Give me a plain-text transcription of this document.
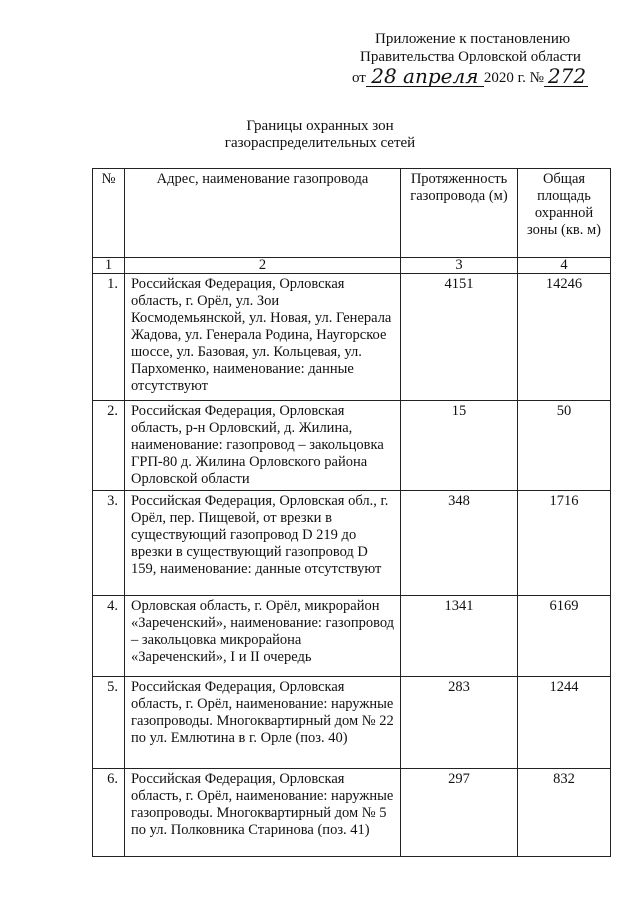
Приложение к постановлению
Правительства Орловской области
от 28 апреля 2020 г. № 272
Границы охранных зон
газораспределительных сетей
№	Адрес, наименование газопровода	Протяженность газопровода (м)	Общая площадь охранной зоны (кв. м)
1	2	3	4
1.	Российская Федерация, Орловская область, г. Орёл, ул. Зои Космодемьянской, ул. Новая, ул. Генерала Жадова, ул. Генерала Родина, Наугорское шоссе, ул. Базовая, ул. Кольцевая, ул. Пархоменко, наименование: данные отсутствуют	4151	14246
2.	Российская Федерация, Орловская область, р-н Орловский, д. Жилина, наименование: газопровод – закольцовка ГРП-80 д. Жилина Орловского района Орловской области	15	50
3.	Российская Федерация, Орловская обл., г. Орёл, пер. Пищевой, от врезки в существующий газопровод D 219 до врезки в существующий газопровод D 159, наименование: данные отсутствуют	348	1716
4.	Орловская область, г. Орёл, микрорайон «Зареченский», наименование: газопровод – закольцовка микрорайона «Зареченский», I и II очередь	1341	6169
5.	Российская Федерация, Орловская область, г. Орёл, наименование: наружные газопроводы. Многоквартирный дом № 22 по ул. Емлютина в г. Орле (поз. 40)	283	1244
6.	Российская Федерация, Орловская область, г. Орёл, наименование: наружные газопроводы. Многоквартирный дом № 5 по ул. Полковника Старинова (поз. 41)	297	832
